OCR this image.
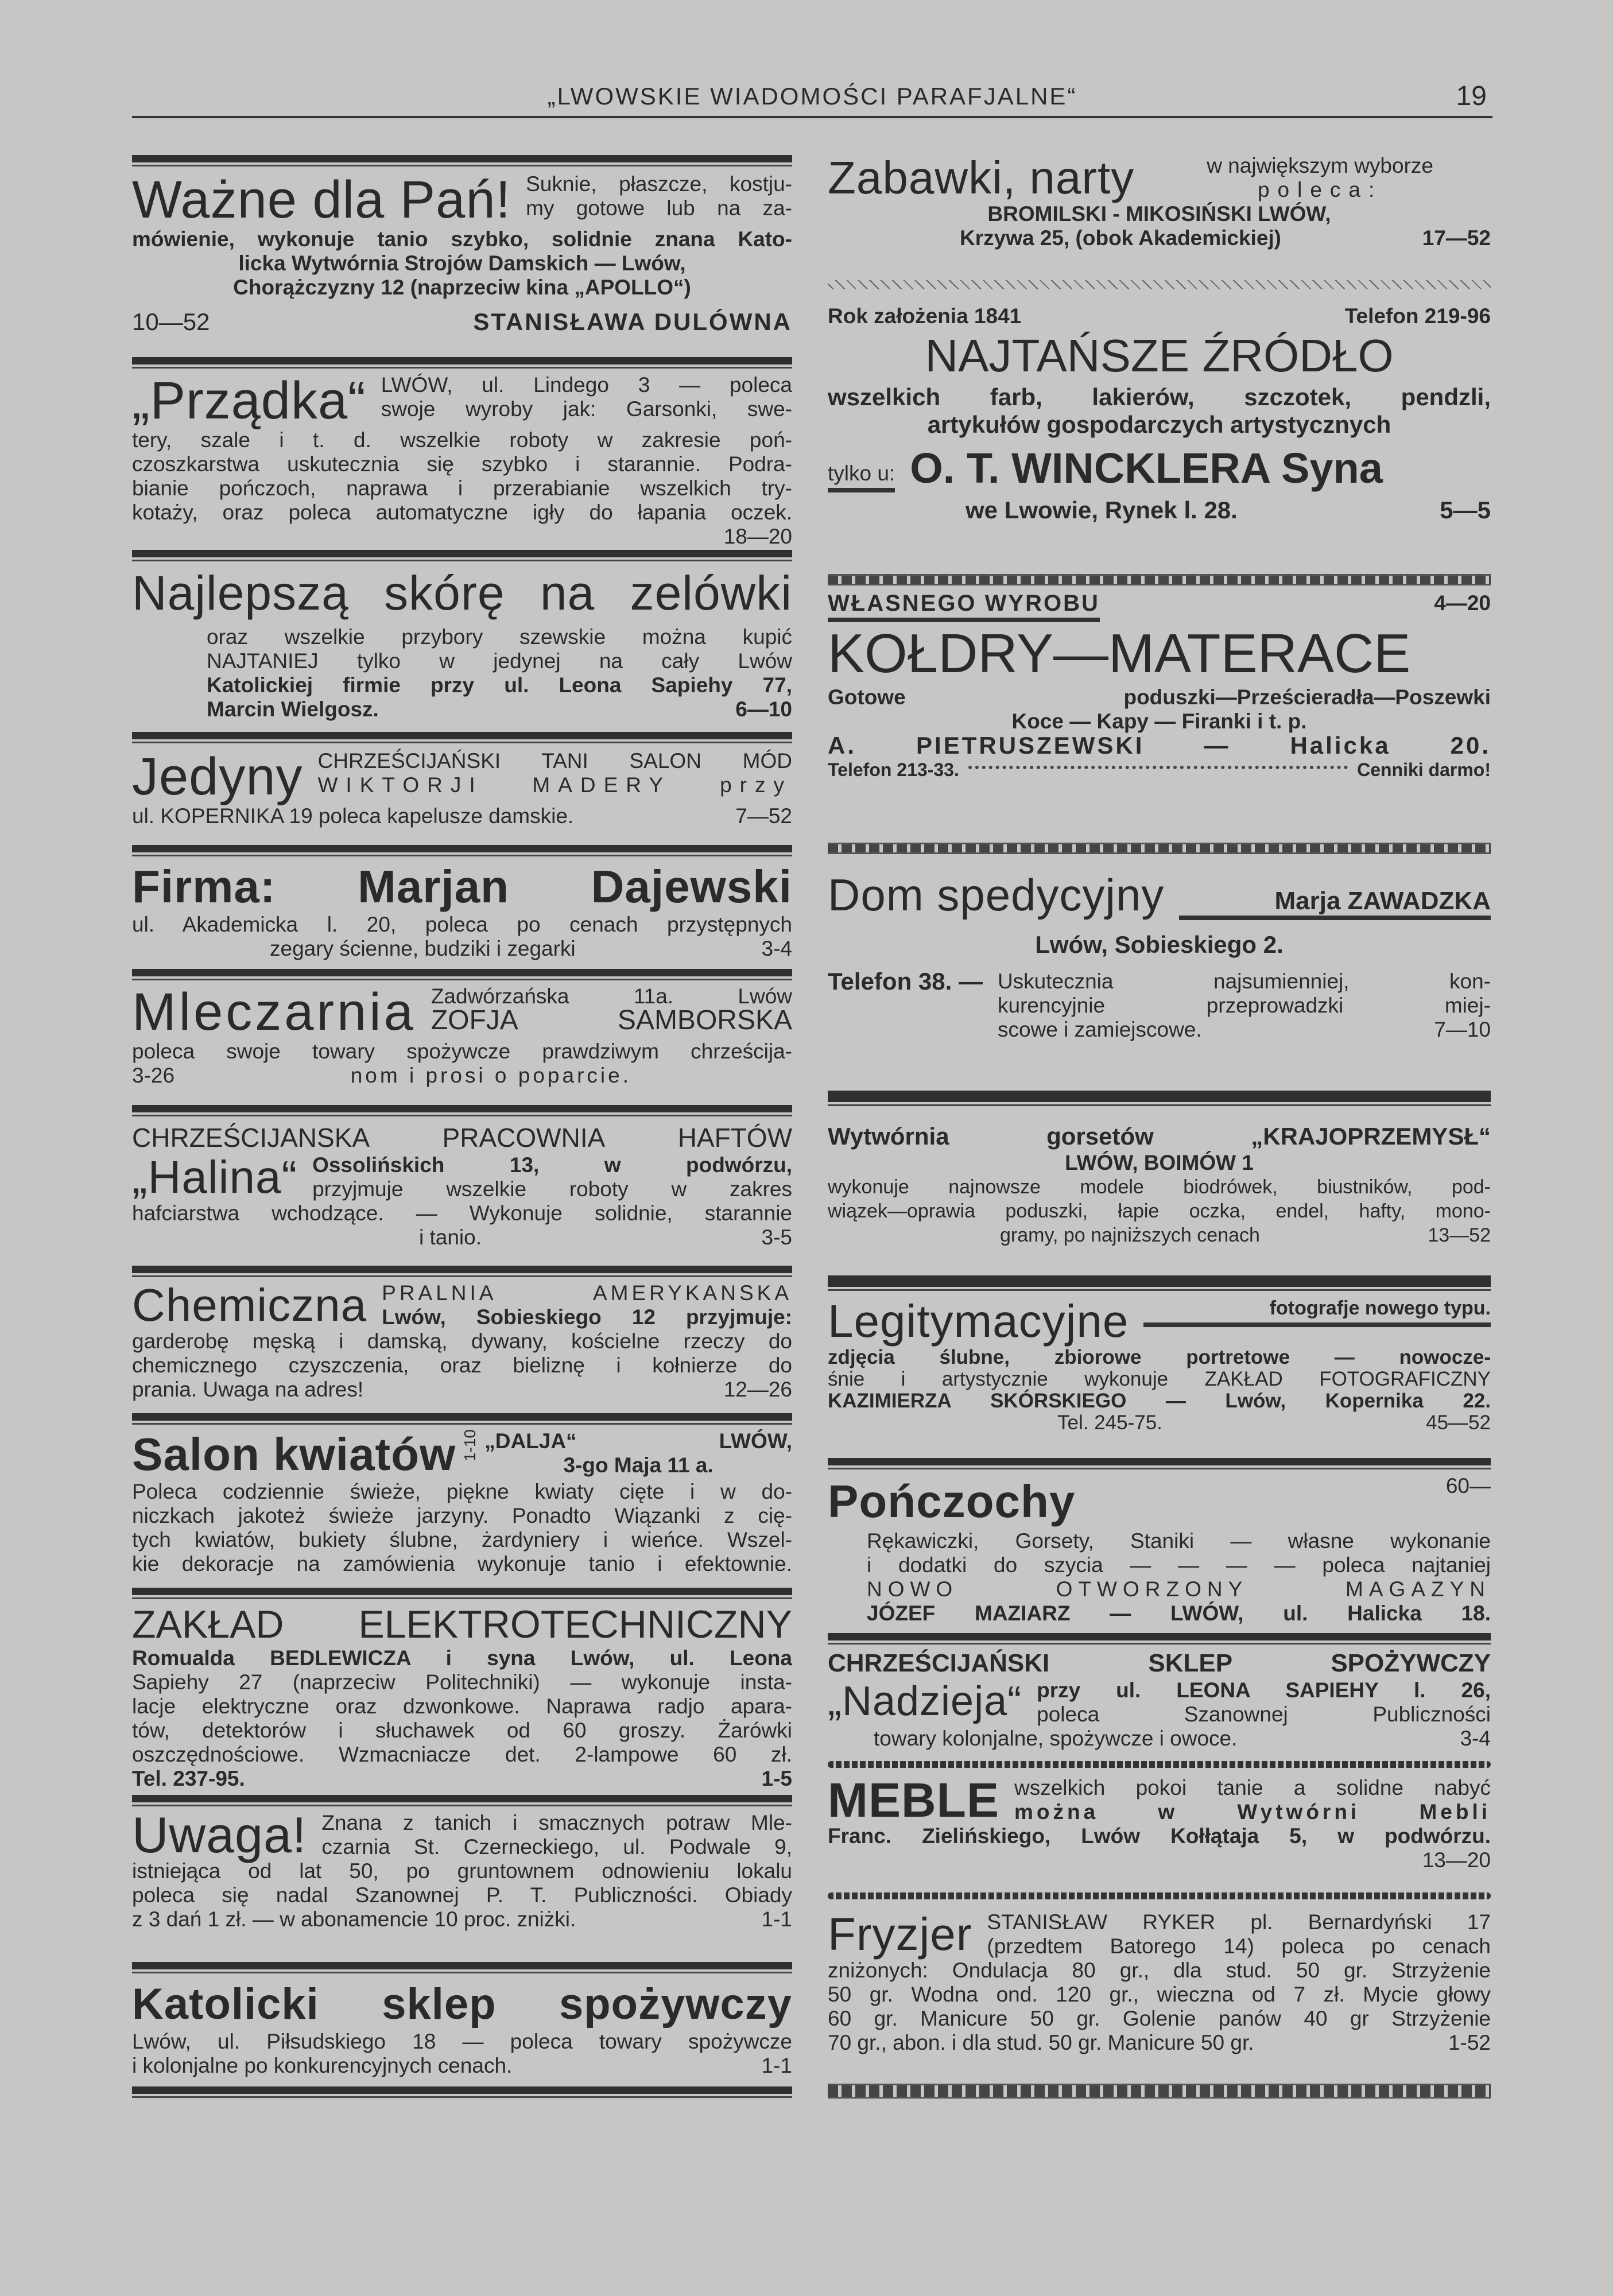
„LWOWSKIE WIADOMOŚCI PARAFJALNE“	19
Ważne dla Pań! Suknie, płaszcze, kostju-
my gotowe lub na za-
mówienie, wykonuje tanio szybko, solidnie znana Kato-
licka Wytwórnia Strojów Damskich — Lwów,
Chorążczyzny 12 (naprzeciw kina „APOLLO“)
10—52	STANISŁAWA DULÓWNA
„Prządka“ LWÓW, ul. Lindego 3 — poleca
swoje wyroby jak: Garsonki, swe-
tery, szale i t. d. wszelkie roboty w zakresie poń-
czoszkarstwa uskutecznia się szybko i starannie. Podra-
bianie pończoch, naprawa i przerabianie wszelkich try-
kotaży, oraz poleca automatyczne igły do łapania oczek.
18—20
Najlepszą skórę na zelówki
oraz wszelkie przybory szewskie można kupić
NAJTANIEJ tylko w jedynej na cały Lwów
Katolickiej firmie przy ul. Leona Sapiehy 77,
Marcin Wielgosz.	6—10
Jedyny CHRZEŚCIJAŃSKI TANI SALON MÓD
WIKTORJI MADERY przy
ul. KOPERNIKA 19 poleca kapelusze damskie.	7—52
Firma: Marjan Dajewski
ul. Akademicka l. 20, poleca po cenach przystępnych
zegary ścienne, budziki i zegarki	3-4
Mleczarnia Zadwórzańska 11a. Lwów
ZOFJA SAMBORSKA
poleca swoje towary spożywcze prawdziwym chrześcija-
3-26	nom i prosi o poparcie.
CHRZEŚCIJANSKA PRACOWNIA HAFTÓW
„Halina“ Ossolińskich 13, w podwórzu,
przyjmuje wszelkie roboty w zakres
hafciarstwa wchodzące. — Wykonuje solidnie, starannie
i tanio.	3-5
Chemiczna PRALNIA AMERYKANSKA
Lwów, Sobieskiego 12 przyjmuje:
garderobę męską i damską, dywany, kościelne rzeczy do
chemicznego czyszczenia, oraz bieliznę i kołnierze do
prania. Uwaga na adres!	12—26
Salon kwiatów 1-10 „DALJA“ LWÓW,
3-go Maja 11 a.
Poleca codziennie świeże, piękne kwiaty cięte i w do-
niczkach jakoteż świeże jarzyny. Ponadto Wiązanki z cię-
tych kwiatów, bukiety ślubne, żardyniery i wieńce. Wszel-
kie dekoracje na zamówienia wykonuje tanio i efektownie.
ZAKŁAD ELEKTROTECHNICZNY
Romualda BEDLEWICZA i syna Lwów, ul. Leona
Sapiehy 27 (naprzeciw Politechniki) — wykonuje insta-
lacje elektryczne oraz dzwonkowe. Naprawa radjo apara-
tów, detektorów i słuchawek od 60 groszy. Żarówki
oszczędnościowe. Wzmacniacze det. 2-lampowe 60 zł.
Tel. 237-95.	1-5
Uwaga! Znana z tanich i smacznych potraw Mle-
czarnia St. Czerneckiego, ul. Podwale 9,
istniejąca od lat 50, po gruntownem odnowieniu lokalu
poleca się nadal Szanownej P. T. Publiczności. Obiady
z 3 dań 1 zł. — w abonamencie 10 proc. zniżki.	1-1
Katolicki sklep spożywczy
Lwów, ul. Piłsudskiego 18 — poleca towary spożywcze
i kolonjalne po konkurencyjnych cenach.	1-1
Zabawki, narty	w największym wyborze
poleca:
BROMILSKI - MIKOSIŃSKI LWÓW,
Krzywa 25, (obok Akademickiej)	17—52
Rok założenia 1841	Telefon 219-96
NAJTAŃSZE ŹRÓDŁO
wszelkich farb, lakierów, szczotek, pendzli,
artykułów gospodarczych artystycznych
tylko u: O. T. WINCKLERA Syna
we Lwowie, Rynek l. 28.	5—5
WŁASNEGO WYROBU	4—20
KOŁDRY—MATERACE
Gotowe poduszki—Prześcieradła—Poszewki
Koce — Kapy — Firanki i t. p.
A. PIETRUSZEWSKI — Halicka 20.
Telefon 213-33.	Cenniki darmo!
Dom spedycyjny	Marja ZAWADZKA
Lwów, Sobieskiego 2.
Telefon 38. — Uskutecznia najsumienniej, kon-
kurencyjnie przeprowadzki miej-
scowe i zamiejscowe.	7—10
Wytwórnia gorsetów „KRAJOPRZEMYSŁ“
LWÓW, BOIMÓW 1
wykonuje najnowsze modele biodrówek, biustników, pod-
wiązek—oprawia poduszki, łapie oczka, endel, hafty, mono-
gramy, po najniższych cenach	13—52
Legitymacyjne	fotografje nowego typu.
zdjęcia ślubne, zbiorowe portretowe — nowocze-
śnie i artystycznie wykonuje ZAKŁAD FOTOGRAFICZNY
KAZIMIERZA SKÓRSKIEGO — Lwów, Kopernika 22.
Tel. 245-75.	45—52
Pończochy	60—
Rękawiczki, Gorsety, Staniki — własne wykonanie
i dodatki do szycia — — — — poleca najtaniej
NOWO OTWORZONY MAGAZYN
JÓZEF MAZIARZ — LWÓW, ul. Halicka 18.
CHRZEŚCIJAŃSKI SKLEP SPOŻYWCZY
„Nadzieja“ przy ul. LEONA SAPIEHY l. 26,
poleca Szanownej Publiczności
towary kolonjalne, spożywcze i owoce.	3-4
MEBLE wszelkich pokoi tanie a solidne nabyć
można w Wytwórni Mebli
Franc. Zielińskiego, Lwów Kołłątaja 5, w podwórzu.
13—20
Fryzjer STANISŁAW RYKER pl. Bernardyński 17
(przedtem Batorego 14) poleca po cenach
zniżonych: Ondulacja 80 gr., dla stud. 50 gr. Strzyżenie
50 gr. Wodna ond. 120 gr., wieczna od 7 zł. Mycie głowy
60 gr. Manicure 50 gr. Golenie panów 40 gr Strzyżenie
70 gr., abon. i dla stud. 50 gr. Manicure 50 gr.	1-52
